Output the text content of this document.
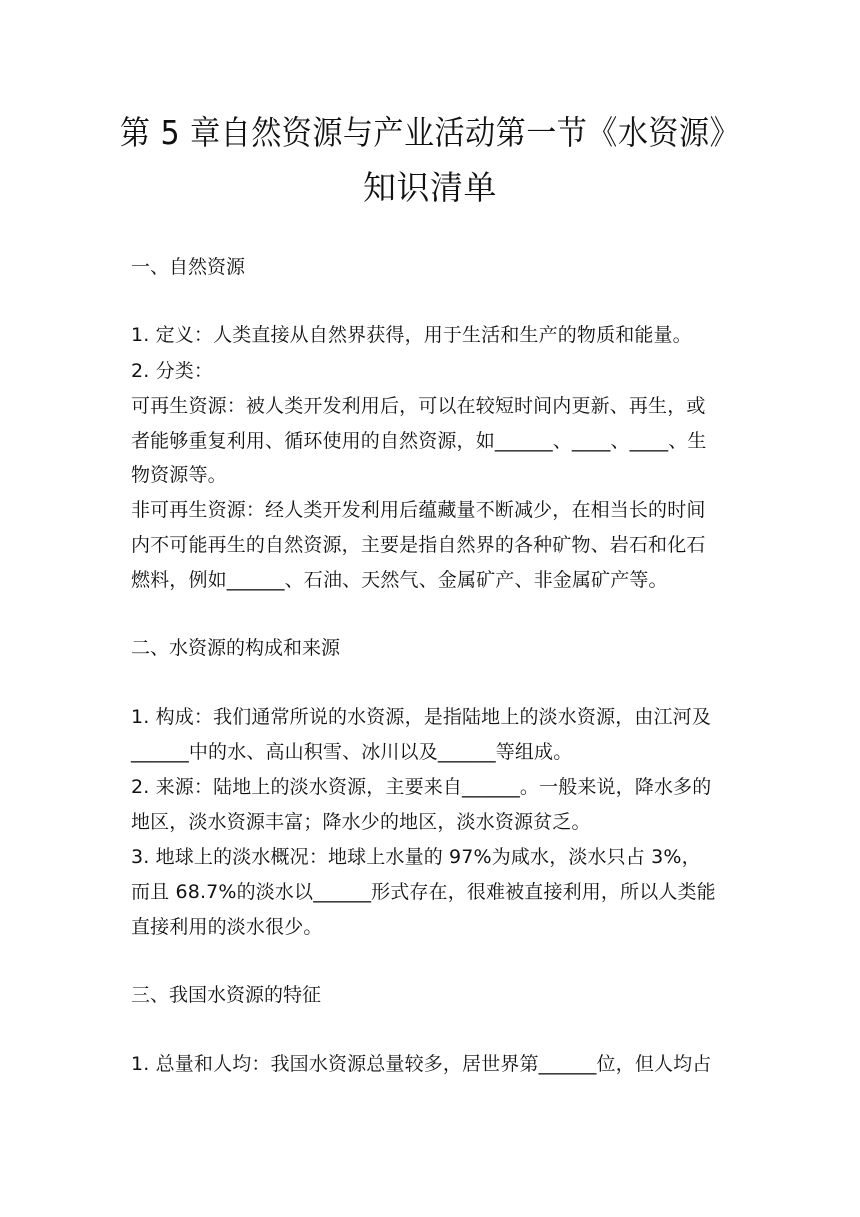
第 5 章自然资源与产业活动第一节《水资源》
知识清单
一、自然资源

1. 定义：人类直接从自然界获得，用于生活和生产的物质和能量。

2. 分类：

可再生资源：被人类开发利用后，可以在较短时间内更新、再生，或

者能够重复利用、循环使用的自然资源，如______、____、____、生

物资源等。

非可再生资源：经人类开发利用后蕴藏量不断减少，在相当长的时间

内不可能再生的自然资源，主要是指自然界的各种矿物、岩石和化石

燃料，例如______、石油、天然气、金属矿产、非金属矿产等。

二、水资源的构成和来源

1. 构成：我们通常所说的水资源，是指陆地上的淡水资源，由江河及

______中的水、高山积雪、冰川以及______等组成。

2. 来源：陆地上的淡水资源，主要来自______。一般来说，降水多的

地区，淡水资源丰富；降水少的地区，淡水资源贫乏。

3. 地球上的淡水概况：地球上水量的 97%为咸水，淡水只占 3%，

而且 68.7%的淡水以______形式存在，很难被直接利用，所以人类能

直接利用的淡水很少。

三、我国水资源的特征

1. 总量和人均：我国水资源总量较多，居世界第______位，但人均占
